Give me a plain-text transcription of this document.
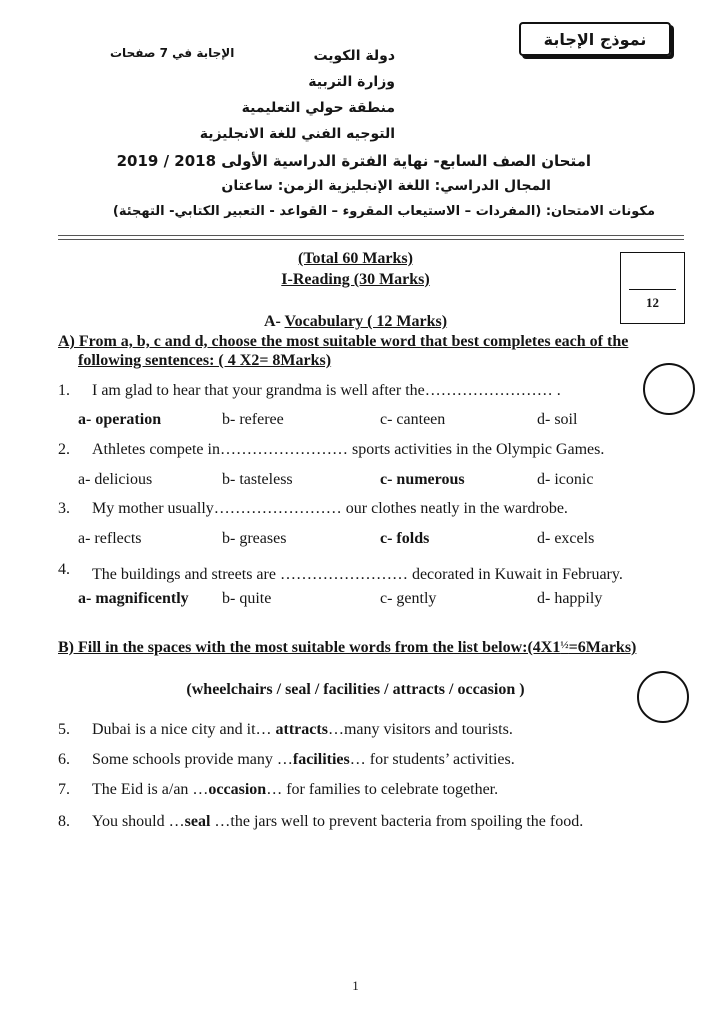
نموذج الإجابة
الإجابة في 7 صفحات	دولة الكويت
وزارة التربية
منطقة حولي التعليمية
التوجيه الفني للغة الانجليزية
امتحان الصف السابع- نهاية الفترة الدراسية الأولى 2018 / 2019
المجال الدراسي: اللغة الإنجليزية الزمن: ساعتان
مكونات الامتحان: (المفردات – الاستيعاب المقروء – القواعد - التعبير الكتابي- التهجئة)
(Total 60 Marks)
I-Reading (30 Marks)
12
A- Vocabulary ( 12 Marks)
A) From a, b, c and d, choose the most suitable word that best completes each of the
following sentences: ( 4 X2= 8Marks)
1. I am glad to hear that your grandma is well after the…………………… .
a- operation	b- referee	c- canteen	d- soil
2. Athletes compete in…………………… sports activities in the Olympic Games.
a- delicious	b- tasteless	c- numerous	d- iconic
3. My mother usually…………………… our clothes neatly in the wardrobe.
a- reflects	b- greases	c- folds	d- excels
4. The buildings and streets are …………………… decorated in Kuwait in February.
a- magnificently b- quite	c- gently	d- happily
B) Fill in the spaces with the most suitable words from the list $below:(4X1^{\frac{1}{2}}=6Marks)$
(wheelchairs / seal / facilities / attracts / occasion )
5. Dubai is a nice city and it… attracts…many visitors and tourists.
6. Some schools provide many …facilities… for students’ activities.
7. The Eid is a/an …occasion… for families to celebrate together.
8. You should …seal …the jars well to prevent bacteria from spoiling the food.
1
